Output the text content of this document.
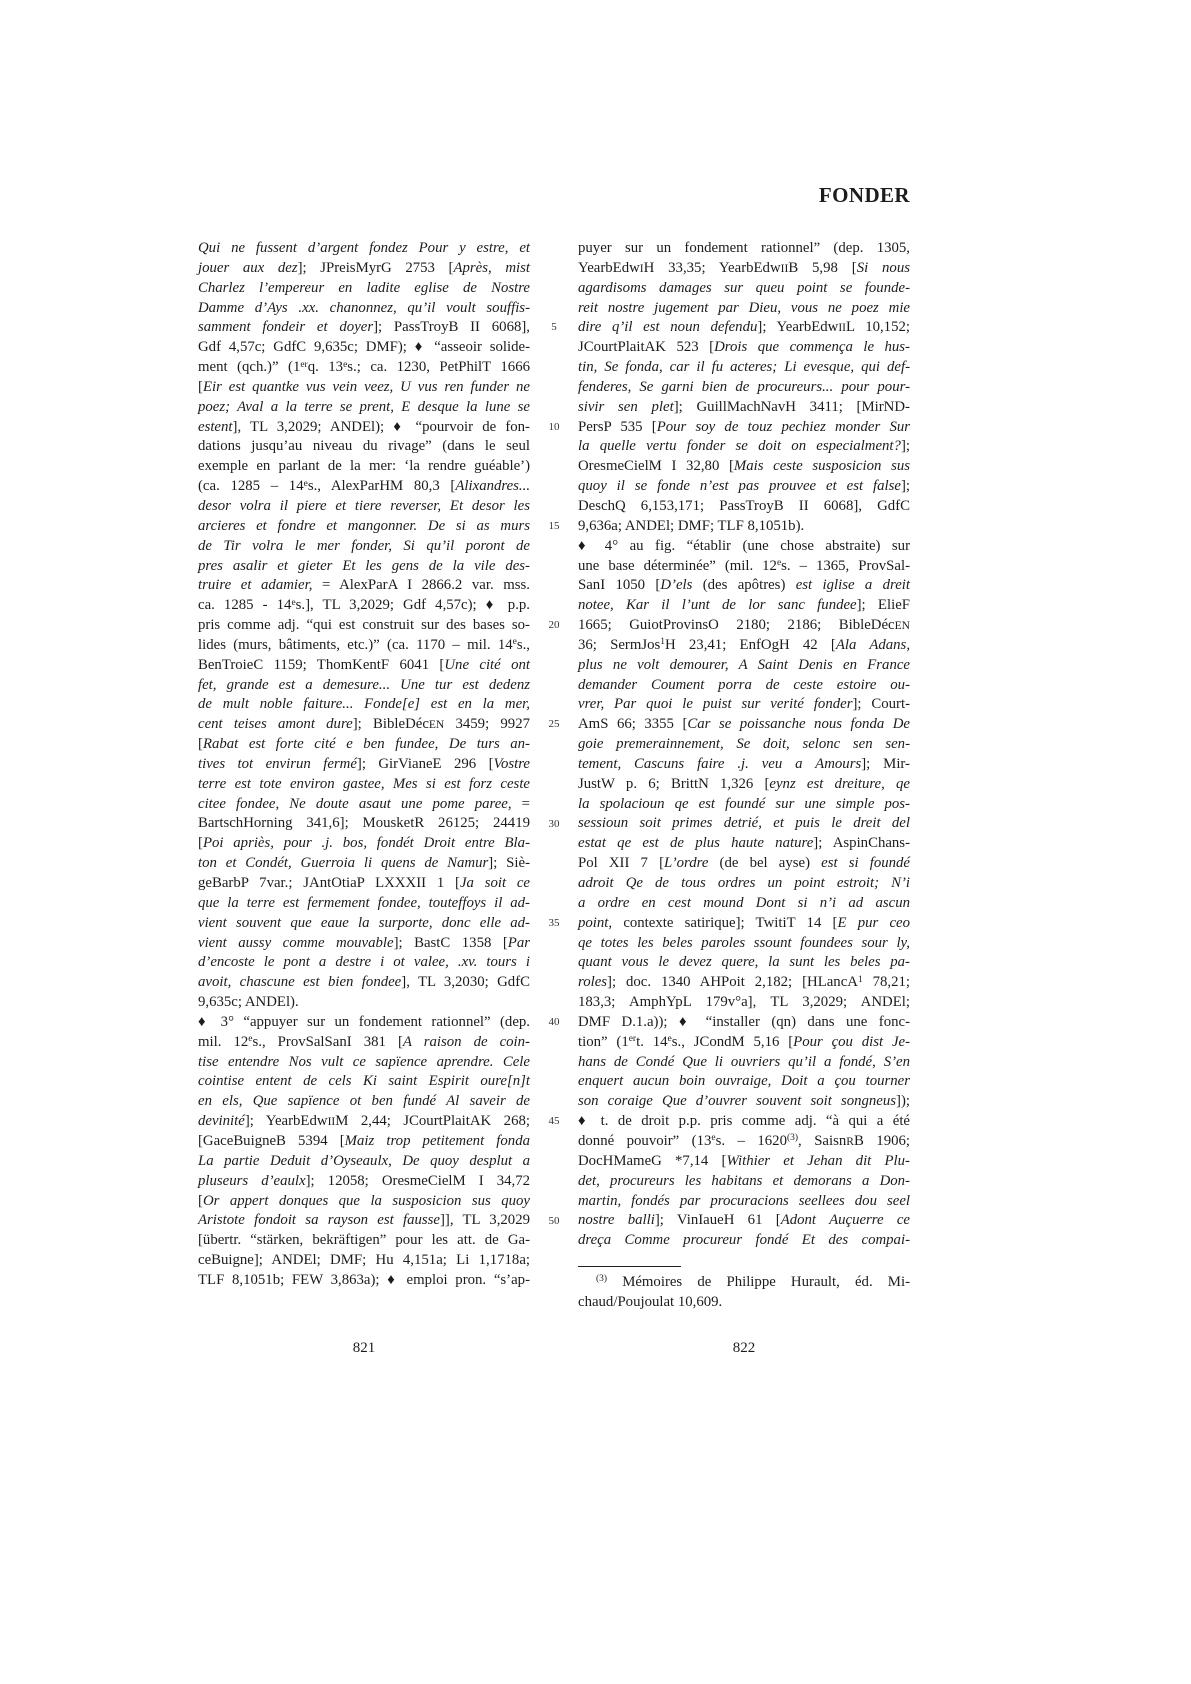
FONDER
Qui ne fussent d’argent fondez Pour y estre, et
jouer aux dez]; JPreisMyrG 2753 [Après, mist
Charlez l’empereur en ladite eglise de Nostre
Damme d’Ays .xx. chanonnez, qu’il voult souffis-
samment fondeir et doyer]; PassTroyB II 6068],
Gdf 4,57c; GdfC 9,635c; DMF); ♦ “asseoir solide-
ment (qch.)” (1erq. 13es.; ca. 1230, PetPhilT 1666
[Eir est quantke vus vein veez, U vus ren funder ne
poez; Aval a la terre se prent, E desque la lune se
estent], TL 3,2029; ANDEl); ♦ “pourvoir de fon-
dations jusqu’au niveau du rivage” (dans le seul
exemple en parlant de la mer: ‘la rendre guéable’)
(ca. 1285 – 14es., AlexParHM 80,3 [Alixandres...
desor volra il piere et tiere reverser, Et desor les
arcieres et fondre et mangonner. De si as murs
de Tir volra le mer fonder, Si qu’il poront de
pres asalir et gieter Et les gens de la vile des-
truire et adamier, = AlexParA I 2866.2 var. mss.
ca. 1285 - 14es.], TL 3,2029; Gdf 4,57c); ♦ p.p.
pris comme adj. “qui est construit sur des bases so-
lides (murs, bâtiments, etc.)” (ca. 1170 – mil. 14es.,
BenTroieC 1159; ThomKentF 6041 [Une cité ont
fet, grande est a demesure... Une tur est dedenz
de mult noble faiture... Fonde[e] est en la mer,
cent teises amont dure]; BibleDécEN 3459; 9927
[Rabat est forte cité e ben fundee, De turs an-
tives tot envirun fermé]; GirVianeE 296 [Vostre
terre est tote environ gastee, Mes si est forz ceste
citee fondee, Ne doute asaut une pome paree, =
BartschHorning 341,6]; MousketR 26125; 24419
[Poi apriès, pour .j. bos, fondét Droit entre Bla-
ton et Condét, Guerroia li quens de Namur]; Siè-
geBarbP 7var.; JAntOtiaP LXXXII 1 [Ja soit ce
que la terre est fermement fondee, touteffoys il ad-
vient souvent que eaue la surporte, donc elle ad-
vient aussy comme mouvable]; BastC 1358 [Par
d’encoste le pont a destre i ot valee, .xv. tours i
avoit, chascune est bien fondee], TL 3,2030; GdfC
9,635c; ANDEl).
♦ 3° “appuyer sur un fondement rationnel” (dep.
mil. 12es., ProvSalSanI 381 [A raison de coin-
tise entendre Nos vult ce sapïence aprendre. Cele
cointise entent de cels Ki saint Espirit oure[n]t
en els, Que sapïence ot ben fundé Al saveir de
devinité]; YearbEdwIIM 2,44; JCourtPlaitAK 268;
[GaceBuigneB 5394 [Maiz trop petitement fonda
La partie Deduit d’Oyseaulx, De quoy desplut a
pluseurs d’eaulx]; 12058; OresmeCielM I 34,72
[Or appert donques que la susposicion sus quoy
Aristote fondoit sa rayson est fausse]], TL 3,2029
[übertr. “stärken, bekräftigen” pour les att. de Ga-
ceBuigne]; ANDEl; DMF; Hu 4,151a; Li 1,1718a;
TLF 8,1051b; FEW 3,863a); ♦ emploi pron. “s’ap-
5
10
15
20
25
30
35
40
45
50
puyer sur un fondement rationnel” (dep. 1305,
YearbEdwIH 33,35; YearbEdwIIB 5,98 [Si nous
agardisoms damages sur queu point se founde-
reit nostre jugement par Dieu, vous ne poez mie
dire q’il est noun defendu]; YearbEdwIIL 10,152;
JCourtPlaitAK 523 [Drois que commença le hus-
tin, Se fonda, car il fu acteres; Li evesque, qui def-
fenderes, Se garni bien de procureurs... pour pour-
sivir sen plet]; GuillMachNavH 3411; [MirND-
PersP 535 [Pour soy de touz pechiez monder Sur
la quelle vertu fonder se doit on especialment?];
OresmeCielM I 32,80 [Mais ceste susposicion sus
quoy il se fonde n’est pas prouvee et est false];
DeschQ 6,153,171; PassTroyB II 6068], GdfC
9,636a; ANDEl; DMF; TLF 8,1051b).
♦ 4° au fig. “établir (une chose abstraite) sur
une base déterminée” (mil. 12es. – 1365, ProvSal-
SanI 1050 [D’els (des apôtres) est iglise a dreit
notee, Kar il l’unt de lor sanc fundee]; ElieF
1665; GuiotProvinsO 2180; 2186; BibleDécEN
36; SermJos$^1$H 23,41; EnfOgH 42 [Ala Adans,
plus ne volt demourer, A Saint Denis en France
demander Coument porra de ceste estoire ou-
vrer, Par quoi le puist sur verité fonder]; Court-
AmS 66; 3355 [Car se poissanche nous fonda De
goie premerainnement, Se doit, selonc sen sen-
tement, Cascuns faire .j. veu a Amours]; Mir-
JustW p. 6; BrittN 1,326 [eynz est dreiture, qe
la spolacioun qe est foundé sur une simple pos-
sessioun soit primes detrié, et puis le dreit del
estat qe est de plus haute nature]; AspinChans-
Pol XII 7 [L’ordre (de bel ayse) est si foundé
adroit Qe de tous ordres un point estroit; N’i
a ordre en cest mound Dont si n’i ad ascun
point, contexte satirique]; TwitiT 14 [E pur ceo
qe totes les beles paroles ssount foundees sour ly,
quant vous le devez quere, la sunt les beles pa-
roles]; doc. 1340 AHPoit 2,182; [HLancA$^1$ 78,21;
183,3; AmphYpL 179v°a], TL 3,2029; ANDEl;
DMF D.1.a)); ♦ “installer (qn) dans une fonc-
tion” (1ert. 14es., JCondM 5,16 [Pour çou dist Je-
hans de Condé Que li ouvriers qu’il a fondé, S’en
enquert aucun boin ouvraige, Doit a çou tourner
son coraige Que d’ouvrer souvent soit songneus]);
♦ t. de droit p.p. pris comme adj. “à qui a été
donné pouvoir” (13es. – 1620$^{(3)}$, SaisnRB 1906;
DocHMameG *7,14 [Withier et Jehan dit Plu-
det, procureurs les habitans et demorans a Don-
martin, fondés par procuracions seellees dou seel
nostre balli]; VinIaueH 61 [Adont Auçuerre ce
dreça Comme procureur fondé Et des compai-
$^{(3)}$ Mémoires de Philippe Hurault, éd. Mi-
chaud/Poujoulat 10,609.
821	822
